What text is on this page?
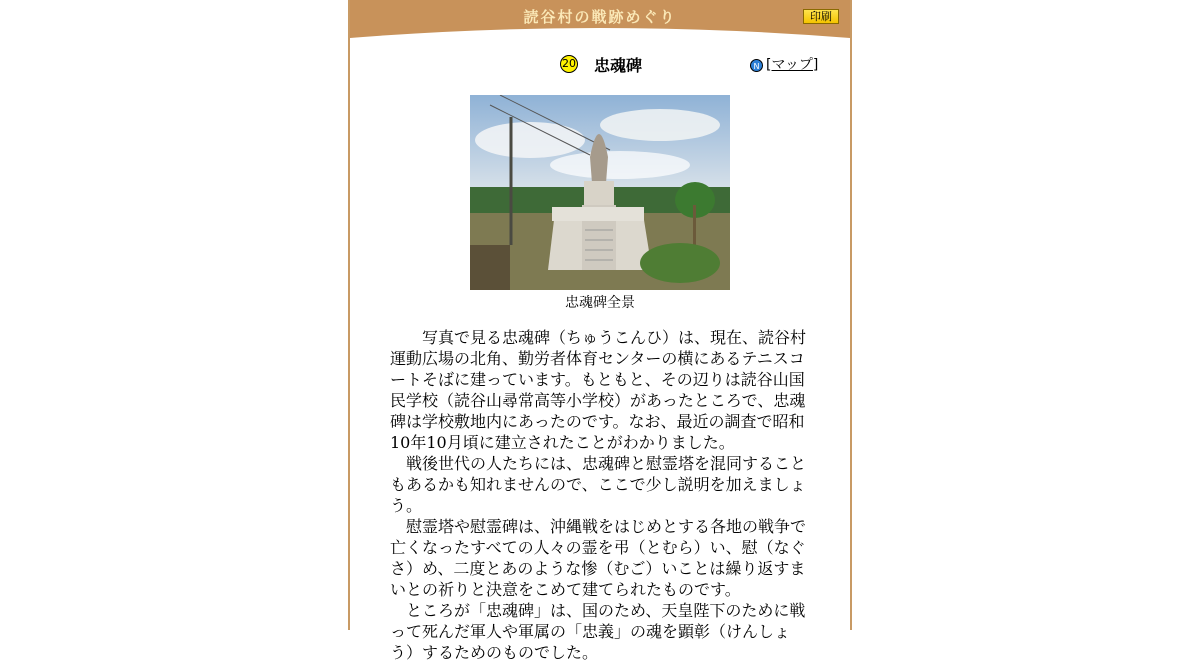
読谷村の戦跡めぐり	印刷
20 忠魂碑	N [マップ]
忠魂碑全景

　写真で見る忠魂碑（ちゅうこんひ）は、現在、読谷村運動広場の北角、勤労者体育センターの横にあるテニスコートそばに建っています。もともと、その辺りは読谷山国民学校（読谷山尋常高等小学校）があったところで、忠魂碑は学校敷地内にあったのです。なお、最近の調査で昭和10年10月頃に建立されたことがわかりました。

戦後世代の人たちには、忠魂碑と慰霊塔を混同することもあるかも知れませんので、ここで少し説明を加えましょう。

慰霊塔や慰霊碑は、沖縄戦をはじめとする各地の戦争で亡くなったすべての人々の霊を弔（とむら）い、慰（なぐさ）め、二度とあのような惨（むご）いことは繰り返すまいとの祈りと決意をこめて建てられたものです。

ところが「忠魂碑」は、国のため、天皇陛下のために戦って死んだ軍人や軍属の「忠義」の魂を顕彰（けんしょう）するためのものでした。
